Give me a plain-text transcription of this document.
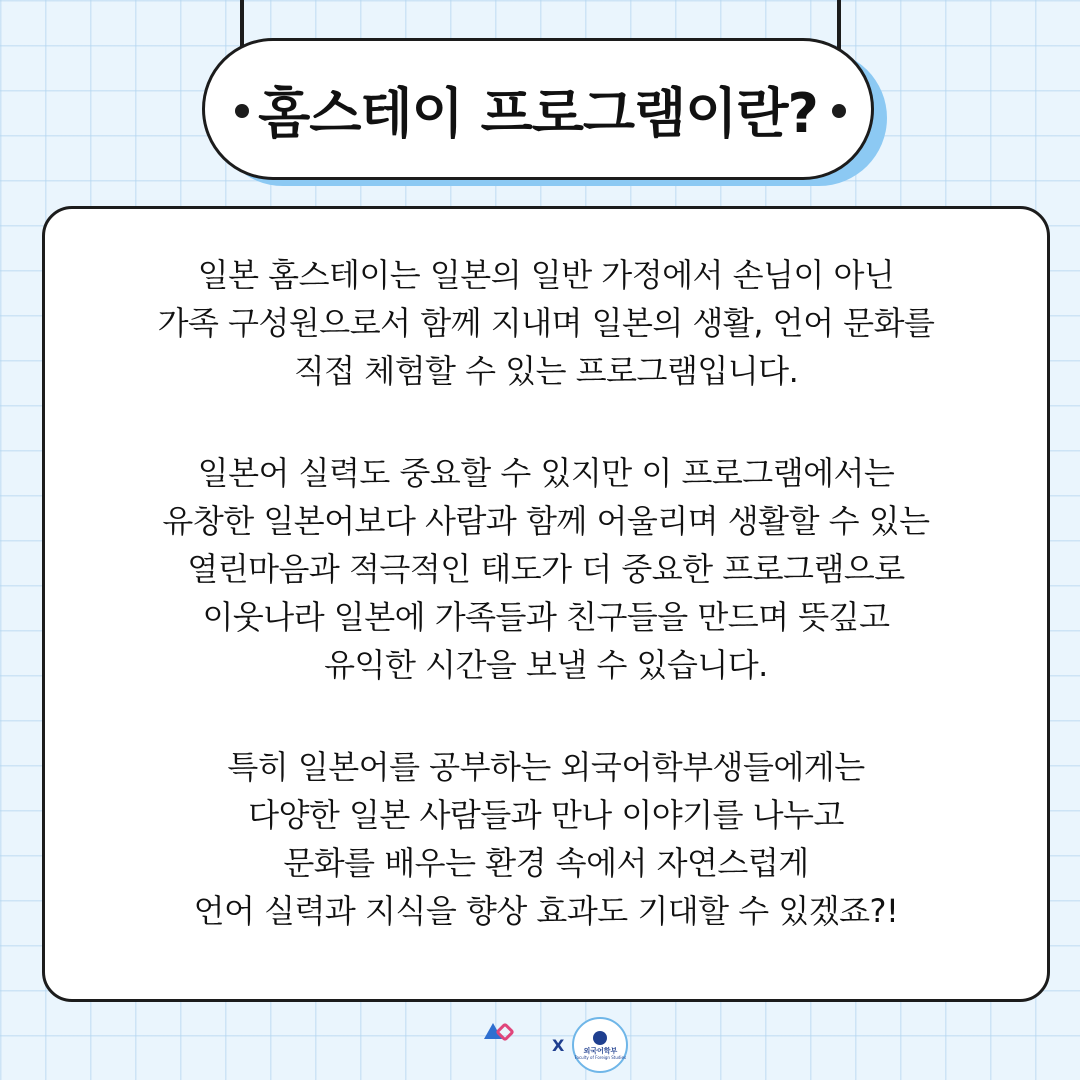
홈스테이 프로그램이란?

일본 홈스테이는 일본의 일반 가정에서 손님이 아닌
가족 구성원으로서 함께 지내며 일본의 생활, 언어 문화를
직접 체험할 수 있는 프로그램입니다.

일본어 실력도 중요할 수 있지만 이 프로그램에서는
유창한 일본어보다 사람과 함께 어울리며 생활할 수 있는
열린마음과 적극적인 태도가 더 중요한 프로그램으로
이웃나라 일본에 가족들과 친구들을 만드며 뜻깊고
유익한 시간을 보낼 수 있습니다.

특히 일본어를 공부하는 외국어학부생들에게는
다양한 일본 사람들과 만나 이야기를 나누고
문화를 배우는 환경 속에서 자연스럽게
언어 실력과 지식을 향상 효과도 기대할 수 있겠죠?!

X	외국어학부
Faculty of Foreign Studies
